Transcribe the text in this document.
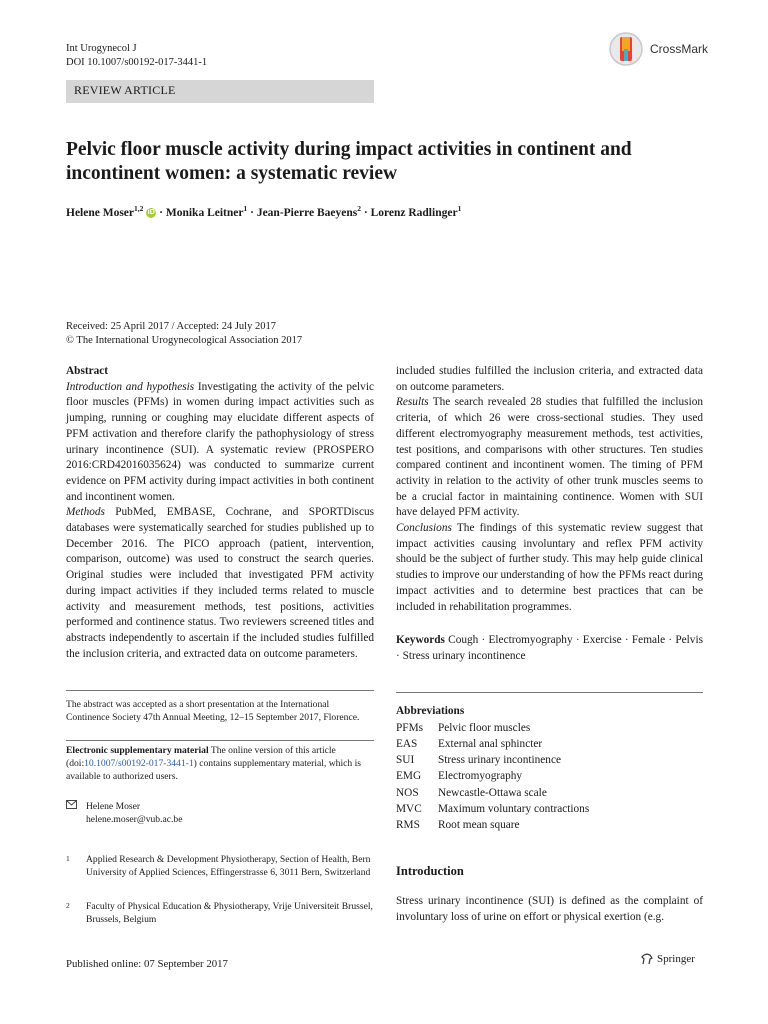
Int Urogynecol J
DOI 10.1007/s00192-017-3441-1
CrossMark
REVIEW ARTICLE
Pelvic floor muscle activity during impact activities in continent and incontinent women: a systematic review
Helene Moser$^{1,2}$ iD · Monika Leitner$^1$ · Jean-Pierre Baeyens$^2$ · Lorenz Radlinger$^1$
Received: 25 April 2017 / Accepted: 24 July 2017
© The International Urogynecological Association 2017
Abstract

Introduction and hypothesis Investigating the activity of the pelvic floor muscles (PFMs) in women during impact activities such as jumping, running or coughing may elucidate different aspects of PFM activation and therefore clarify the pathophysiology of stress urinary incontinence (SUI). A systematic review (PROSPERO 2016:CRD42016035624) was conducted to summarize current evidence on PFM activity during impact activities in both continent and incontinent women.

Methods PubMed, EMBASE, Cochrane, and SPORTDiscus databases were systematically searched for studies published up to December 2016. The PICO approach (patient, intervention, comparison, outcome) was used to construct the search queries. Original studies were included that investigated PFM activity during impact activities if they included terms related to muscle activity and measurement methods, test positions, activities performed and continence status. Two reviewers screened titles and abstracts independently to ascertain if the included studies fulfilled the inclusion criteria, and extracted data on outcome parameters.

included studies fulfilled the inclusion criteria, and extracted data on outcome parameters.

Results The search revealed 28 studies that fulfilled the inclusion criteria, of which 26 were cross-sectional studies. They used different electromyography measurement methods, test activities, test positions, and comparisons with other structures. Ten studies compared continent and incontinent women. The timing of PFM activity in relation to the activity of other trunk muscles seems to be a crucial factor in maintaining continence. Women with SUI have delayed PFM activity.

Conclusions The findings of this systematic review suggest that impact activities causing involuntary and reflex PFM activity should be the subject of further study. This may help guide clinical studies to improve our understanding of how the PFMs react during impact activities and to determine best practices that can be included in rehabilitation programmes.

Keywords Cough · Electromyography · Exercise · Female · Pelvis · Stress urinary incontinence

The abstract was accepted as a short presentation at the International Continence Society 47th Annual Meeting, 12–15 September 2017, Florence.
Electronic supplementary material The online version of this article (doi:10.1007/s00192-017-3441-1) contains supplementary material, which is available to authorized users.
Helene Moser
helene.moser@vub.ac.be
1	Applied Research & Development Physiotherapy, Section of Health, Bern University of Applied Sciences, Effingerstrasse 6, 3011 Bern, Switzerland
2	Faculty of Physical Education & Physiotherapy, Vrije Universiteit Brussel, Brussels, Belgium
Abbreviations
PFMs	Pelvic floor muscles
EAS	External anal sphincter
SUI	Stress urinary incontinence
EMG	Electromyography
NOS	Newcastle-Ottawa scale
MVC	Maximum voluntary contractions
RMS	Root mean square
Introduction

Stress urinary incontinence (SUI) is defined as the complaint of involuntary loss of urine on effort or physical exertion (e.g.

Published online: 07 September 2017	Springer
